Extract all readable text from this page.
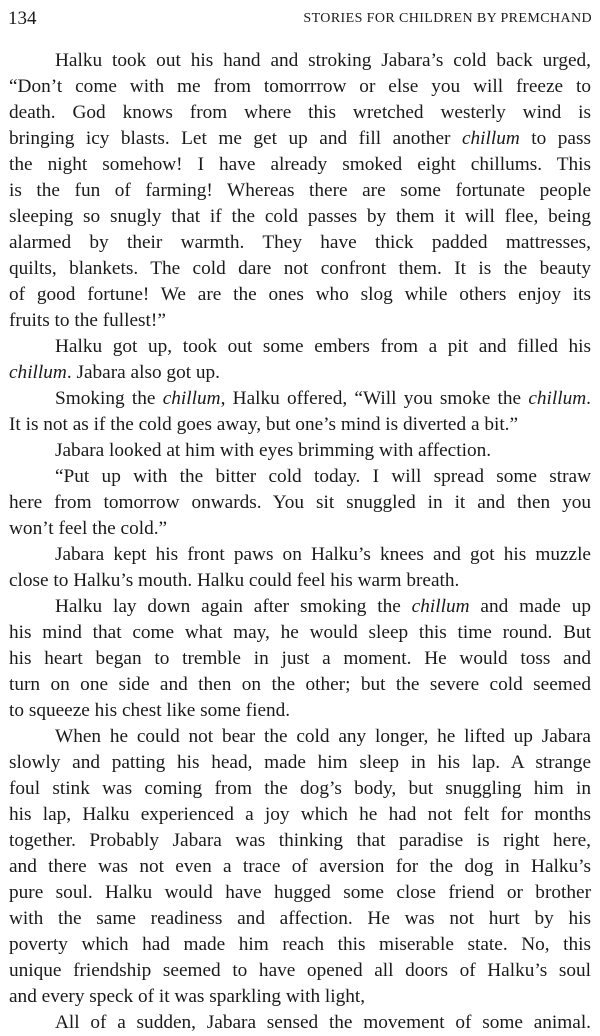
134	STORIES FOR CHILDREN BY PREMCHAND
Halku took out his hand and stroking Jabara’s cold back urged,
“Don’t come with me from tomorrrow or else you will freeze to
death. God knows from where this wretched westerly wind is
bringing icy blasts. Let me get up and fill another chillum to pass
the night somehow! I have already smoked eight chillums. This
is the fun of farming! Whereas there are some fortunate people
sleeping so snugly that if the cold passes by them it will flee, being
alarmed by their warmth. They have thick padded mattresses,
quilts, blankets. The cold dare not confront them. It is the beauty
of good fortune! We are the ones who slog while others enjoy its
fruits to the fullest!”
Halku got up, took out some embers from a pit and filled his
chillum. Jabara also got up.
Smoking the chillum, Halku offered, “Will you smoke the chillum.
It is not as if the cold goes away, but one’s mind is diverted a bit.”
Jabara looked at him with eyes brimming with affection.
“Put up with the bitter cold today. I will spread some straw
here from tomorrow onwards. You sit snuggled in it and then you
won’t feel the cold.”
Jabara kept his front paws on Halku’s knees and got his muzzle
close to Halku’s mouth. Halku could feel his warm breath.
Halku lay down again after smoking the chillum and made up
his mind that come what may, he would sleep this time round. But
his heart began to tremble in just a moment. He would toss and
turn on one side and then on the other; but the severe cold seemed
to squeeze his chest like some fiend.
When he could not bear the cold any longer, he lifted up Jabara
slowly and patting his head, made him sleep in his lap. A strange
foul stink was coming from the dog’s body, but snuggling him in
his lap, Halku experienced a joy which he had not felt for months
together. Probably Jabara was thinking that paradise is right here,
and there was not even a trace of aversion for the dog in Halku’s
pure soul. Halku would have hugged some close friend or brother
with the same readiness and affection. He was not hurt by his
poverty which had made him reach this miserable state. No, this
unique friendship seemed to have opened all doors of Halku’s soul
and every speck of it was sparkling with light,
All of a sudden, Jabara sensed the movement of some animal.
